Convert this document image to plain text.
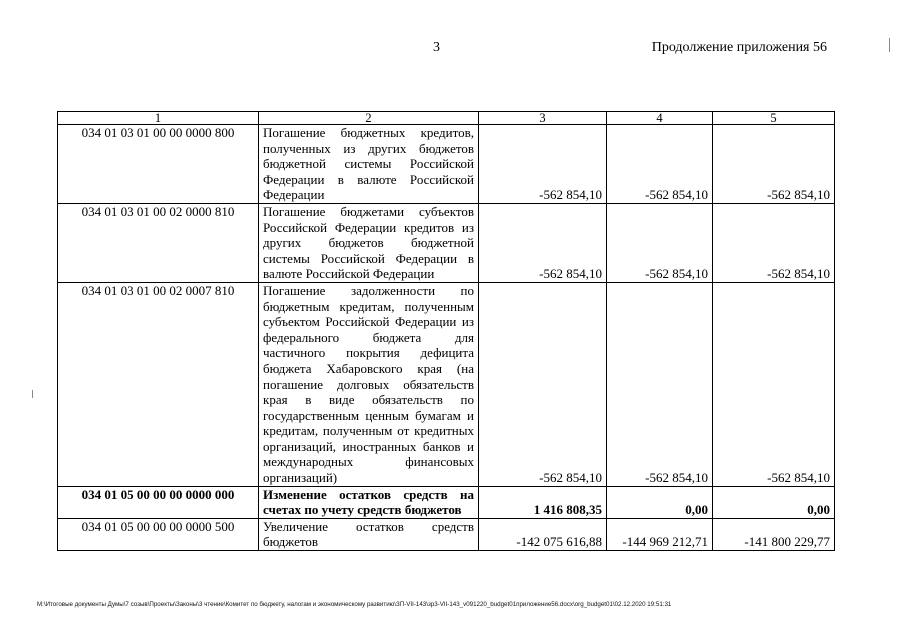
3	Продолжение приложения 56
1	2	3	4	5
034 01 03 01 00 00 0000 800	Погашение бюджетных кредитов, полученных из других бюджетов бюджетной системы Российской Федерации в валюте Российской Федерации	-562 854,10	-562 854,10	-562 854,10
034 01 03 01 00 02 0000 810	Погашение бюджетами субъектов Российской Федерации кредитов из других бюджетов бюджетной системы Российской Федерации в валюте Российской Федерации	-562 854,10	-562 854,10	-562 854,10
034 01 03 01 00 02 0007 810	Погашение задолженности по бюджетным кредитам, полученным субъектом Российской Федерации из федерального бюджета для частичного покрытия дефицита бюджета Хабаровского края (на погашение долговых обязательств края в виде обязательств по государственным ценным бумагам и кредитам, полученным от кредитных организаций, иностранных банков и международных финансовых организаций)	-562 854,10	-562 854,10	-562 854,10
034 01 05 00 00 00 0000 000	Изменение остатков средств на счетах по учету средств бюджетов	1 416 808,35	0,00	0,00
034 01 05 00 00 00 0000 500	Увеличение остатков средств бюджетов	-142 075 616,88	-144 969 212,71	-141 800 229,77
M:\Итоговые документы Думы\7 созыв\Проекты\Законы\3 чтение\Комитет по бюджету, налогам и экономическому развитию\ЗП-VII-143\зр3-VII-143_v091220_budget01приложение56.docx\org_budget01\02.12.2020 19:51:31
